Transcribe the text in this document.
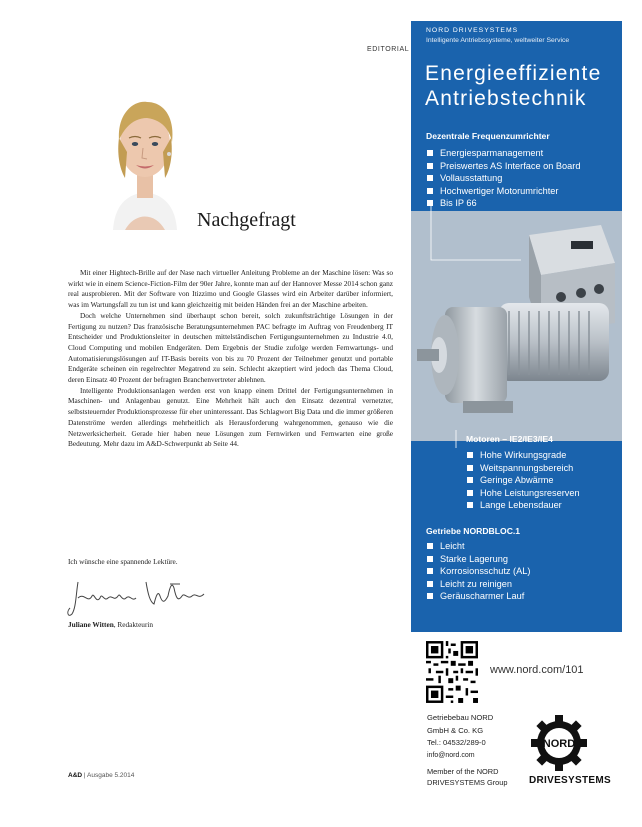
EDITORIAL
Nachgefragt

Mit einer Hightech-Brille auf der Nase nach virtueller Anleitung Probleme an der Maschine lösen: Was so wirkt wie in einem Science-Fiction-Film der 90er Jahre, konnte man auf der Hannover Messe 2014 schon ganz real ausprobieren. Mit der Software von Itizzimo und Google Glasses wird ein Arbeiter darüber informiert, was im Wartungsfall zu tun ist und kann gleichzeitig mit beiden Händen frei an der Maschine arbeiten.

Doch welche Unternehmen sind überhaupt schon bereit, solch zukunftsträchtige Lösungen in der Fertigung zu nutzen? Das französische Beratungsunternehmen PAC befragte im Auftrag von Freudenberg IT Entscheider und Produktionsleiter in deutschen mittelständischen Fertigungsunternehmen zu Industrie 4.0, Cloud Computing und mobilen Endgeräten. Dem Ergebnis der Studie zufolge werden Fernwartungs- und Automatisierungslösungen auf IT-Basis bereits von bis zu 70 Prozent der Teilnehmer genutzt und portable Endgeräte scheinen ein regelrechter Megatrend zu sein. Schlecht akzeptiert wird jedoch das Thema Cloud, deren Einsatz 40 Prozent der befragten Branchenvertreter ablehnen.

Intelligente Produktionsanlagen werden erst von knapp einem Drittel der Fertigungsunternehmen in Maschinen- und Anlagenbau genutzt. Eine Mehrheit hält auch den Einsatz dezentral vernetzter, selbststeuernder Produktionsprozesse für eher uninteressant. Das Schlagwort Big Data und die immer größeren Datenströme werden allerdings mehrheitlich als Herausforderung wahrgenommen, genauso wie die Netzwerksicherheit. Gerade hier haben neue Lösungen zum Fernwirken und Fernwarten eine große Bedeutung. Mehr dazu im A&D-Schwerpunkt ab Seite 44.

Ich wünsche eine spannende Lektüre.
Juliane Witten, Redakteurin
A&D | Ausgabe 5.2014
NORD DRIVESYSTEMS
Intelligente Antriebssysteme, weltweiter Service
Energieeffiziente
Antriebstechnik
Dezentrale Frequenzumrichter
Energiesparmanagement
Preiswertes AS Interface on Board
Vollausstattung
Hochwertiger Motorumrichter
Bis IP 66
Motoren – IE2/IE3/IE4
Hohe Wirkungsgrade
Weitspannungsbereich
Geringe Abwärme
Hohe Leistungsreserven
Lange Lebensdauer
Getriebe NORDBLOC.1
Leicht
Starke Lagerung
Korrosionsschutz (AL)
Leicht zu reinigen
Geräuscharmer Lauf
www.nord.com/101
Getriebebau NORD
GmbH & Co. KG
Tel.: 04532/289-0
info@nord.com
Member of the NORD
DRIVESYSTEMS Group
NORD
DRIVESYSTEMS
